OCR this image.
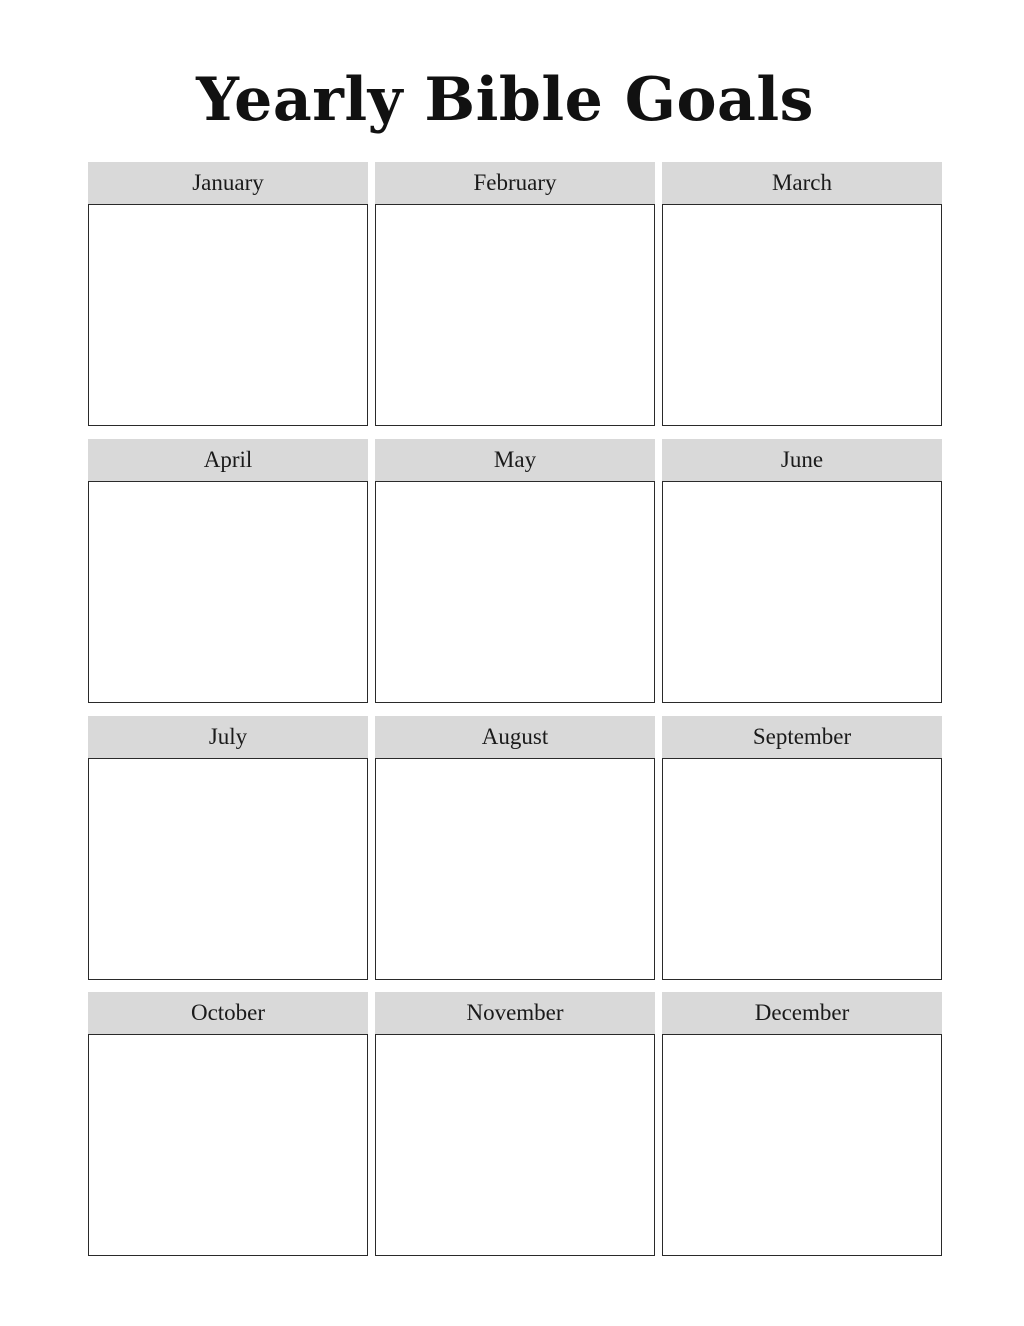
Yearly Bible Goals
January	February	March
April	May	June
July	August	September
October	November	December
